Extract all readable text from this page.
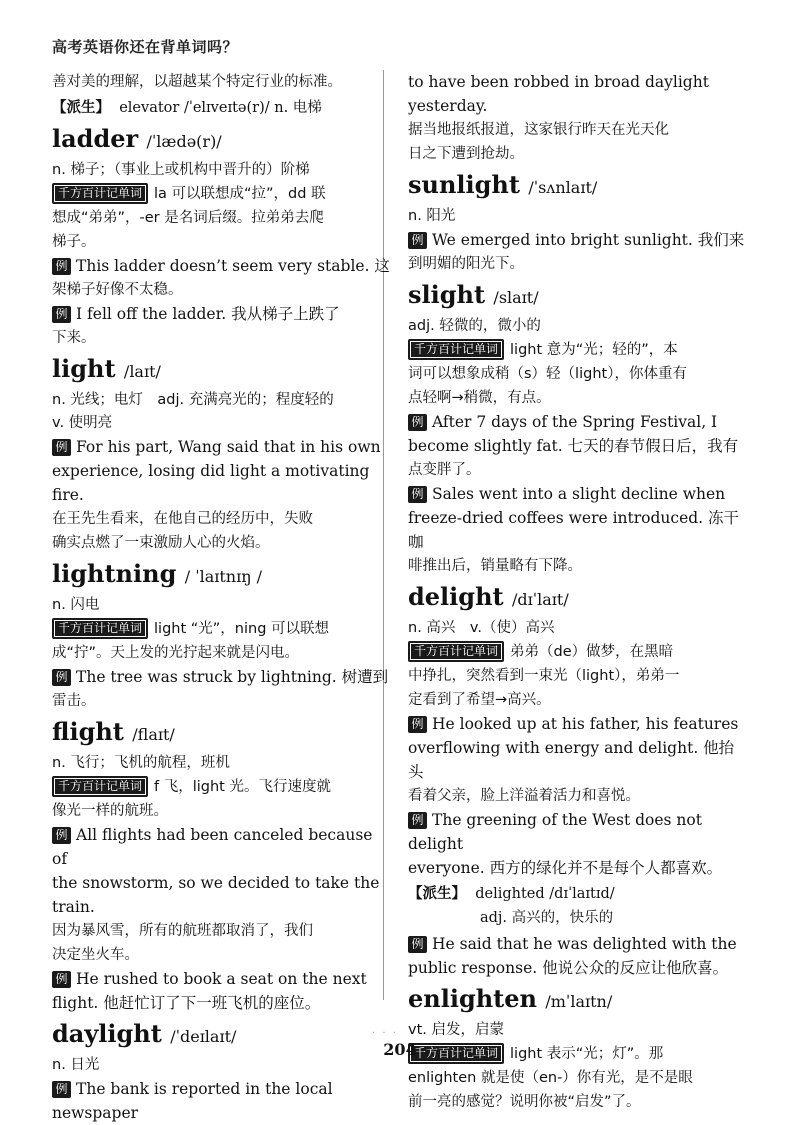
高考英语你还在背单词吗？

善对美的理解，以超越某个特定行业的标准。

【派生】 elevator /ˈelɪveɪtə(r)/ n. 电梯

ladder /ˈlædə(r)/

n. 梯子；（事业上或机构中晋升的）阶梯

千方百计记单词 la 可以联想成“拉”，dd 联

想成“弟弟”，-er 是名词后缀。拉弟弟去爬

梯子。

例 This ladder doesn’t seem very stable. 这

架梯子好像不太稳。

例 I fell off the ladder. 我从梯子上跌了

下来。

light /laɪt/

n. 光线；电灯　adj. 充满亮光的；程度轻的

v. 使明亮

例 For his part, Wang said that in his own

experience, losing did light a motivating fire.

在王先生看来，在他自己的经历中，失败

确实点燃了一束激励人心的火焰。

lightning / ˈlaɪtnɪŋ /

n. 闪电

千方百计记单词 light “光”，ning 可以联想

成“拧”。天上发的光拧起来就是闪电。

例 The tree was struck by lightning. 树遭到

雷击。

flight /flaɪt/

n. 飞行；飞机的航程，班机

千方百计记单词 f 飞，light 光。飞行速度就

像光一样的航班。

例 All flights had been canceled because of

the snowstorm, so we decided to take the train.

因为暴风雪，所有的航班都取消了，我们

决定坐火车。

例 He rushed to book a seat on the next

flight. 他赶忙订了下一班飞机的座位。

daylight /ˈdeɪlaɪt/

n. 日光

例 The bank is reported in the local newspaper

to have been robbed in broad daylight yesterday.

据当地报纸报道，这家银行昨天在光天化

日之下遭到抢劫。

sunlight /ˈsʌnlaɪt/

n. 阳光

例 We emerged into bright sunlight. 我们来

到明媚的阳光下。

slight /slaɪt/

adj. 轻微的，微小的

千方百计记单词 light 意为“光；轻的”，本

词可以想象成稍（s）轻（light），你体重有

点轻啊→稍微，有点。

例 After 7 days of the Spring Festival, I

become slightly fat. 七天的春节假日后，我有

点变胖了。

例 Sales went into a slight decline when

freeze-dried coffees were introduced. 冻干咖

啡推出后，销量略有下降。

delight /dɪˈlaɪt/

n. 高兴　v.（使）高兴

千方百计记单词 弟弟（de）做梦，在黑暗

中挣扎，突然看到一束光（light），弟弟一

定看到了希望→高兴。

例 He looked up at his father, his features

overflowing with energy and delight. 他抬头

看着父亲，脸上洋溢着活力和喜悦。

例 The greening of the West does not delight

everyone. 西方的绿化并不是每个人都喜欢。

【派生】 delighted /dɪˈlaɪtɪd/

adj. 高兴的，快乐的

例 He said that he was delighted with the

public response. 他说公众的反应让他欣喜。

enlighten /mˈlaɪtn/

vt. 启发，启蒙

千方百计记单词 light 表示“光；灯”。那

enlighten 就是使（en-）你有光，是不是眼

前一亮的感觉？说明你被“启发”了。

· · ·
204
